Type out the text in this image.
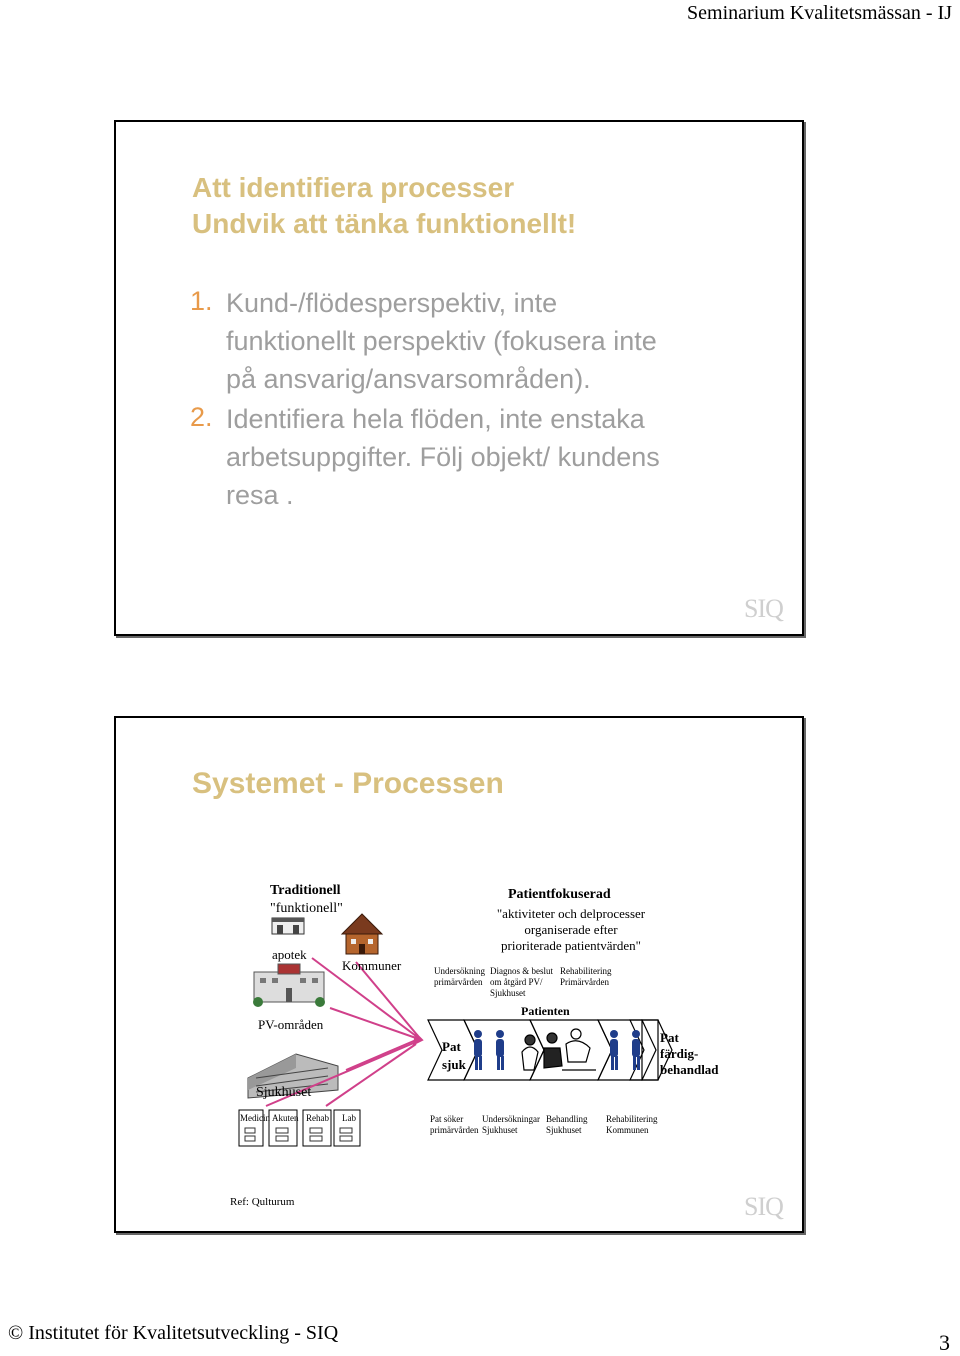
Seminarium Kvalitetsmässan - IJ
Att identifiera processer
Undvik att tänka funktionellt!
1. Kund-/flödesperspektiv, inte
funktionellt perspektiv (fokusera inte
på ansvarig/ansvarsområden).
2. Identifiera hela flöden, inte enstaka
arbetsuppgifter. Följ objekt/ kundens
resa .
SIQ
Systemet - Processen
Traditionell
"funktionell"
apotek
Kommuner
PV-områden
Sjukhuset
Medicin Akuten Rehab Lab
Patientfokuserad
"aktiviteter och delprocesser
organiserade efter
prioriterade patientvärden"
Undersökning
primärvården
Diagnos & beslut
om åtgärd PV/
Sjukhuset
Rehabilitering
Primärvården
Patienten
Pat
sjuk
Pat
färdig-
behandlad
Pat söker
primärvården
Undersökningar
Sjukhuset
Behandling
Sjukhuset
Rehabilitering
Kommunen
Ref: Qulturum	SIQ
© Institutet för Kvalitetsutveckling - SIQ	3
